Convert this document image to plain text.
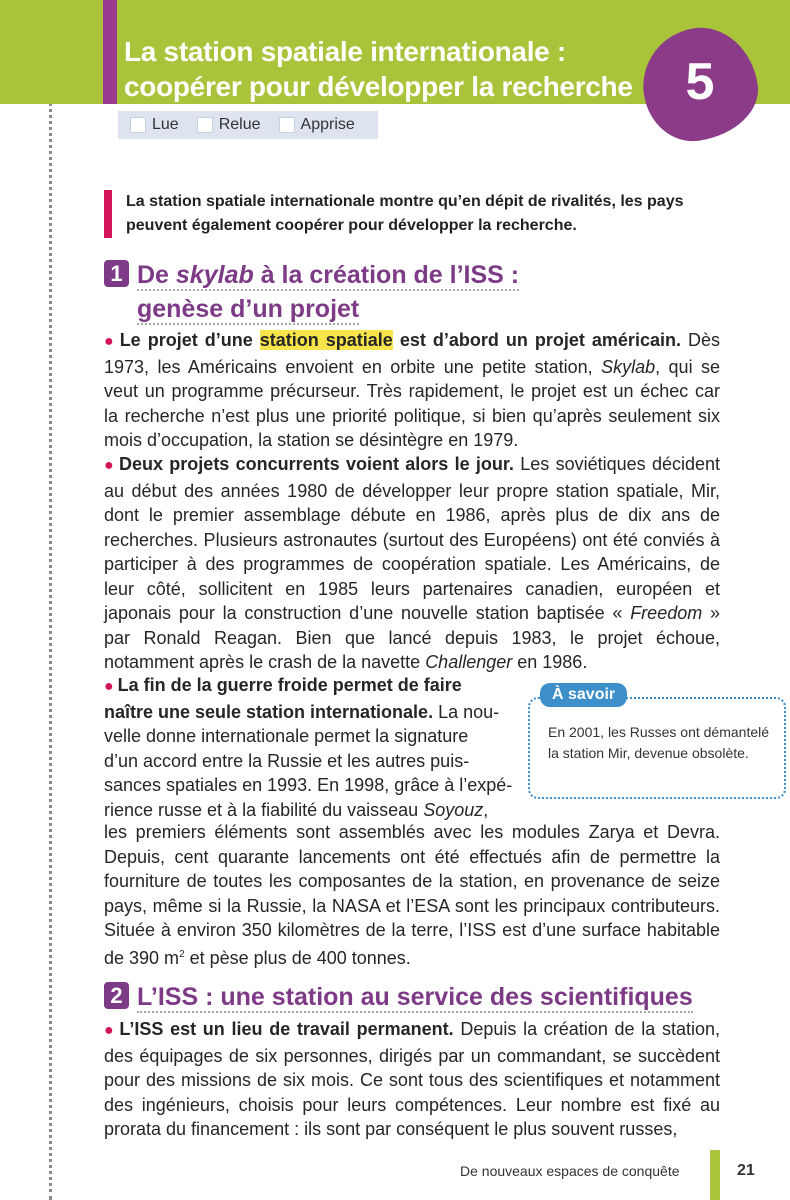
La station spatiale internationale :
coopérer pour développer la recherche	5
Lue	Relue	Apprise
La station spatiale internationale montre qu’en dépit de rivalités, les pays peuvent également coopérer pour développer la recherche.
1 De skylab à la création de l’ISS :
genèse d’un projet
● Le projet d’une station spatiale est d’abord un projet américain. Dès 1973, les Américains envoient en orbite une petite station, Skylab, qui se veut un programme précurseur. Très rapidement, le projet est un échec car la recherche n’est plus une priorité politique, si bien qu’après seulement six mois d’occupation, la station se désintègre en 1979.
● Deux projets concurrents voient alors le jour. Les soviétiques décident au début des années 1980 de développer leur propre station spatiale, Mir, dont le premier assemblage débute en 1986, après plus de dix ans de recherches. Plusieurs astronautes (surtout des Européens) ont été conviés à participer à des programmes de coopération spatiale. Les Américains, de leur côté, sollicitent en 1985 leurs partenaires canadien, européen et japonais pour la construction d’une nouvelle station baptisée « Freedom » par Ronald Reagan. Bien que lancé depuis 1983, le projet échoue, notamment après le crash de la navette Challenger en 1986.
● La fin de la guerre froide permet de faire
naître une seule station internationale. La nou-
velle donne internationale permet la signature
d’un accord entre la Russie et les autres puis-
sances spatiales en 1993. En 1998, grâce à l’expé-
rience russe et à la fiabilité du vaisseau Soyouz,
les premiers éléments sont assemblés avec les modules Zarya et Devra. Depuis, cent quarante lancements ont été effectués afin de permettre la fourniture de toutes les composantes de la station, en provenance de seize pays, même si la Russie, la NASA et l’ESA sont les principaux contributeurs. Située à environ 350 kilomètres de la terre, l’ISS est d’une surface habitable de 390 $m^2$ et pèse plus de 400 tonnes.
À savoir
En 2001, les Russes ont démantelé la station Mir, devenue obsolète.
2 L’ISS : une station au service des scientifiques
● L’ISS est un lieu de travail permanent. Depuis la création de la station, des équipages de six personnes, dirigés par un commandant, se succèdent pour des missions de six mois. Ce sont tous des scientifiques et notamment des ingénieurs, choisis pour leurs compétences. Leur nombre est fixé au prorata du financement : ils sont par conséquent le plus souvent russes,
De nouveaux espaces de conquête	21
